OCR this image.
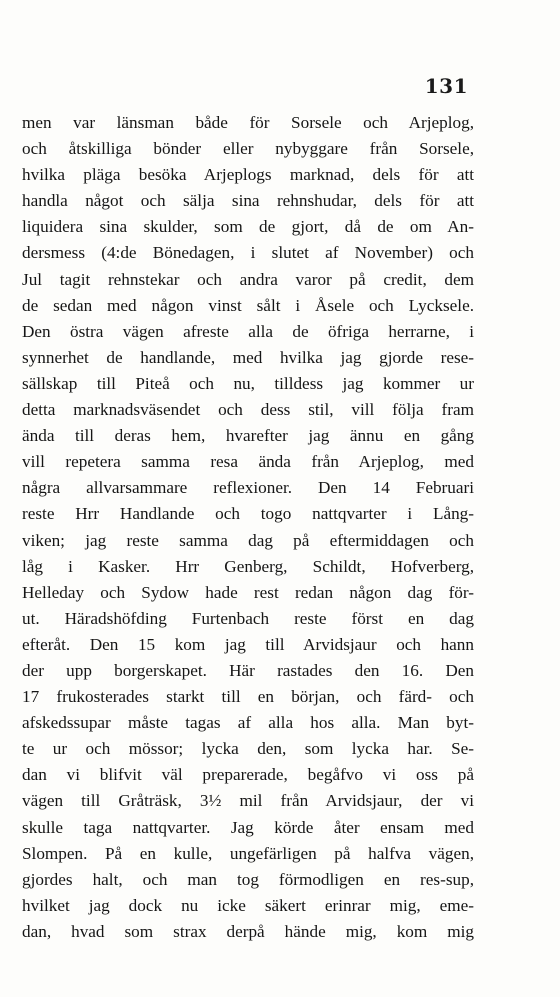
131
men var länsman både för Sorsele och Arjeplog,
och åtskilliga bönder eller nybyggare från Sorsele,
hvilka pläga besöka Arjeplogs marknad, dels för att
handla något och sälja sina rehnshudar, dels för att
liquidera sina skulder, som de gjort, då de om An-
dersmess (4:de Bönedagen, i slutet af November) och
Jul tagit rehnstekar och andra varor på credit, dem
de sedan med någon vinst sålt i Åsele och Lycksele.
Den östra vägen afreste alla de öfriga herrarne, i
synnerhet de handlande, med hvilka jag gjorde rese-
sällskap till Piteå och nu, tilldess jag kommer ur
detta marknadsväsendet och dess stil, vill följa fram
ända till deras hem, hvarefter jag ännu en gång
vill repetera samma resa ända från Arjeplog, med
några allvarsammare reflexioner. Den 14 Februari
reste Hrr Handlande och togo nattqvarter i Lång-
viken; jag reste samma dag på eftermiddagen och
låg i Kasker. Hrr Genberg, Schildt, Hofverberg,
Helleday och Sydow hade rest redan någon dag för-
ut. Häradshöfding Furtenbach reste först en dag
efteråt. Den 15 kom jag till Arvidsjaur och hann
der upp borgerskapet. Här rastades den 16. Den
17 frukosterades starkt till en början, och färd- och
afskedssupar måste tagas af alla hos alla. Man byt-
te ur och mössor; lycka den, som lycka har. Se-
dan vi blifvit väl preparerade, begåfvo vi oss på
vägen till Gråträsk, 3½ mil från Arvidsjaur, der vi
skulle taga nattqvarter. Jag körde åter ensam med
Slompen. På en kulle, ungefärligen på halfva vägen,
gjordes halt, och man tog förmodligen en res-sup,
hvilket jag dock nu icke säkert erinrar mig, eme-
dan, hvad som strax derpå hände mig, kom mig
